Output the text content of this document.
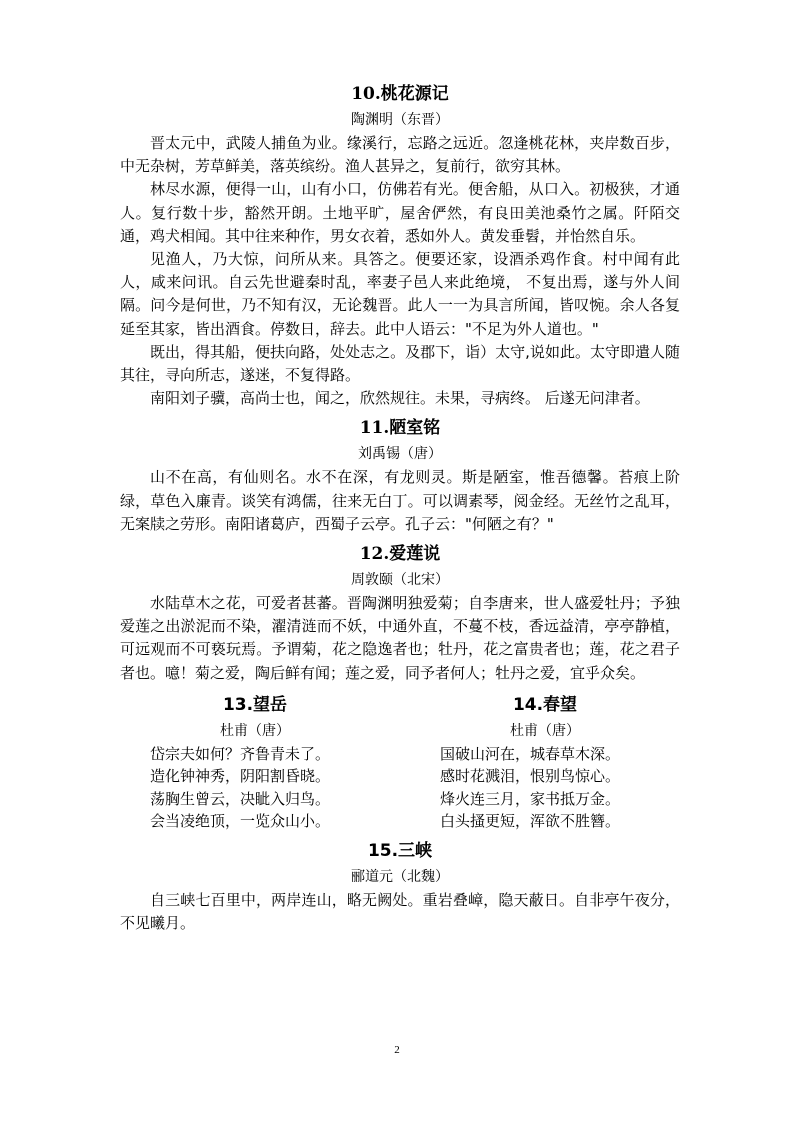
10.桃花源记
陶渊明（东晋）

晋太元中，武陵人捕鱼为业。缘溪行，忘路之远近。忽逢桃花林，夹岸数百步，中无杂树，芳草鲜美，落英缤纷。渔人甚异之，复前行，欲穷其林。

林尽水源，便得一山，山有小口，仿佛若有光。便舍船，从口入。初极狭，才通人。复行数十步，豁然开朗。土地平旷，屋舍俨然，有良田美池桑竹之属。阡陌交通，鸡犬相闻。其中往来种作，男女衣着，悉如外人。黄发垂髫，并怡然自乐。

见渔人，乃大惊，问所从来。具答之。便要还家，设酒杀鸡作食。村中闻有此人，咸来问讯。自云先世避秦时乱，率妻子邑人来此绝境， 不复出焉，遂与外人间隔。问今是何世，乃不知有汉，无论魏晋。此人一一为具言所闻，皆叹惋。余人各复延至其家，皆出酒食。停数日，辞去。此中人语云："不足为外人道也。"

既出，得其船，便扶向路，处处志之。及郡下，诣）太守,说如此。太守即遣人随其往，寻向所志，遂迷，不复得路。

南阳刘子骥，高尚士也，闻之，欣然规往。未果，寻病终。 后遂无问津者。

11.陋室铭
刘禹锡（唐）

山不在高，有仙则名。水不在深，有龙则灵。斯是陋室，惟吾德馨。苔痕上阶绿，草色入廉青。谈笑有鸿儒，往来无白丁。可以调素琴，阅金经。无丝竹之乱耳，无案牍之劳形。南阳诸葛庐，西蜀子云亭。孔子云："何陋之有？"

12.爱莲说
周敦颐（北宋）

水陆草木之花，可爱者甚蕃。晋陶渊明独爱菊；自李唐来，世人盛爱牡丹；予独爱莲之出淤泥而不染，濯清涟而不妖，中通外直，不蔓不枝，香远益清，亭亭静植，可远观而不可亵玩焉。予谓菊，花之隐逸者也；牡丹，花之富贵者也；莲，花之君子者也。噫！菊之爱，陶后鲜有闻；莲之爱，同予者何人；牡丹之爱，宜乎众矣。

13.望岳
杜甫（唐）
岱宗夫如何？齐鲁青未了。
造化钟神秀，阴阳割昏晓。
荡胸生曾云，决眦入归鸟。
会当凌绝顶，一览众山小。
14.春望
杜甫（唐）
国破山河在，城春草木深。
感时花溅泪，恨别鸟惊心。
烽火连三月，家书抵万金。
白头搔更短，浑欲不胜簪。
15.三峡
郦道元（北魏）

自三峡七百里中，两岸连山，略无阙处。重岩叠嶂，隐天蔽日。自非亭午夜分，不见曦月。

2
